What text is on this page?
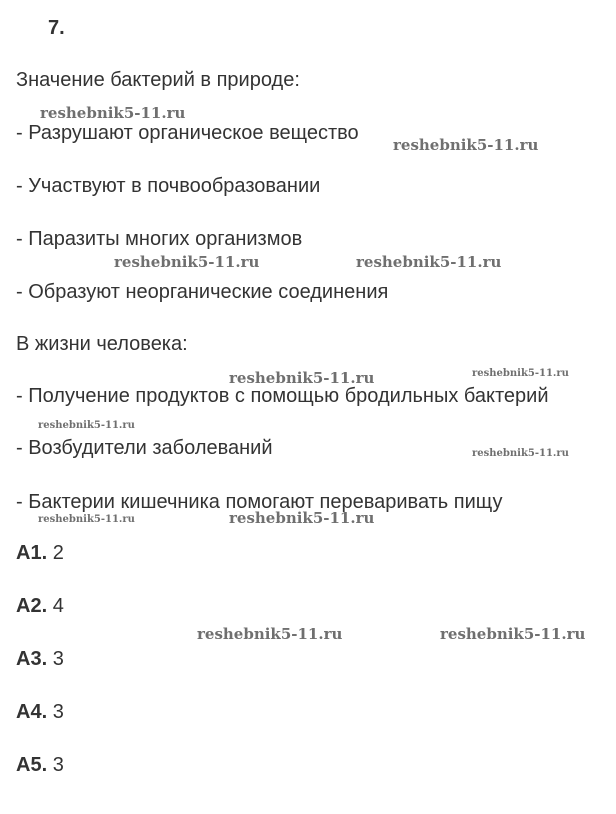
7.
Значение бактерий в природе:
- Разрушают органическое вещество
- Участвуют в почвообразовании
- Паразиты многих организмов
- Образуют неорганические соединения
В жизни человека:
- Получение продуктов с помощью бродильных бактерий
- Возбудители заболеваний
- Бактерии кишечника помогают переваривать пищу
A1. 2
A2. 4
A3. 3
A4. 3
A5. 3
reshebnik5-11.ru
reshebnik5-11.ru
reshebnik5-11.ru	reshebnik5-11.ru
reshebnik5-11.ru	reshebnik5-11.ru
reshebnik5-11.ru
reshebnik5-11.ru
reshebnik5-11.ru	reshebnik5-11.ru
reshebnik5-11.ru	reshebnik5-11.ru
